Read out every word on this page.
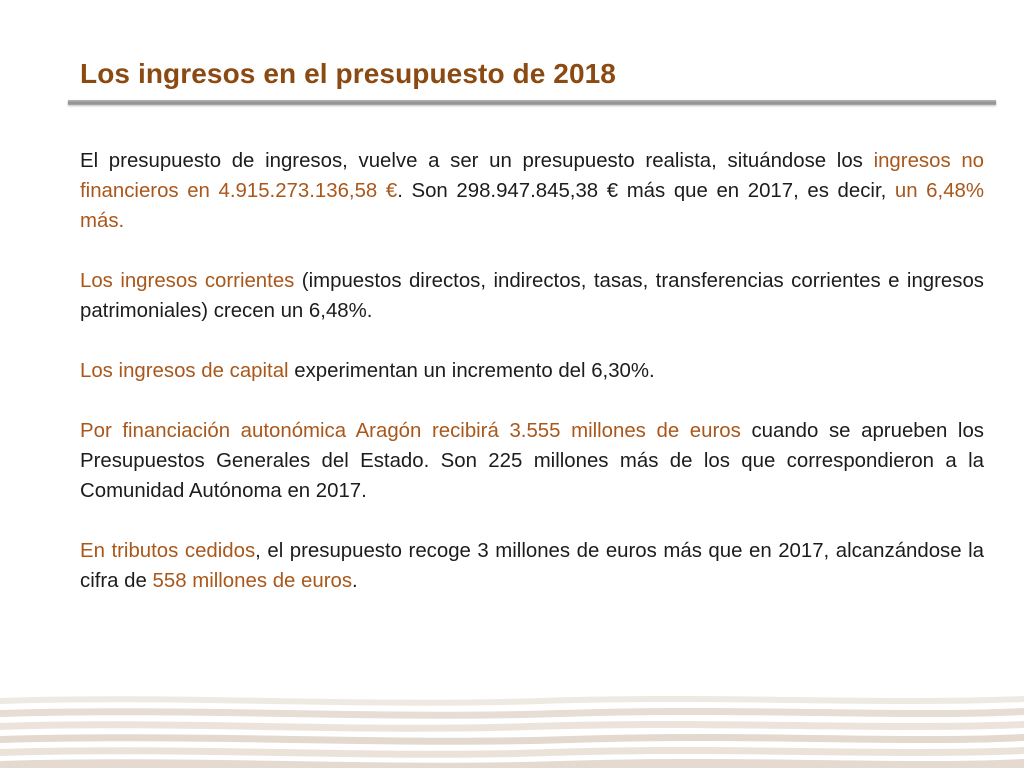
Los ingresos en el presupuesto de 2018

El presupuesto de ingresos, vuelve a ser un presupuesto realista, situándose los ingresos no financieros en 4.915.273.136,58 €. Son 298.947.845,38 € más que en 2017, es decir, un 6,48% más.

Los ingresos corrientes (impuestos directos, indirectos, tasas, transferencias corrientes e ingresos patrimoniales) crecen un 6,48%.

Los ingresos de capital experimentan un incremento del 6,30%.

Por financiación autonómica Aragón recibirá 3.555 millones de euros cuando se aprueben los Presupuestos Generales del Estado. Son 225 millones más de los que correspondieron a la Comunidad Autónoma en 2017.

En tributos cedidos, el presupuesto recoge 3 millones de euros más que en 2017, alcanzándose la cifra de 558 millones de euros.
